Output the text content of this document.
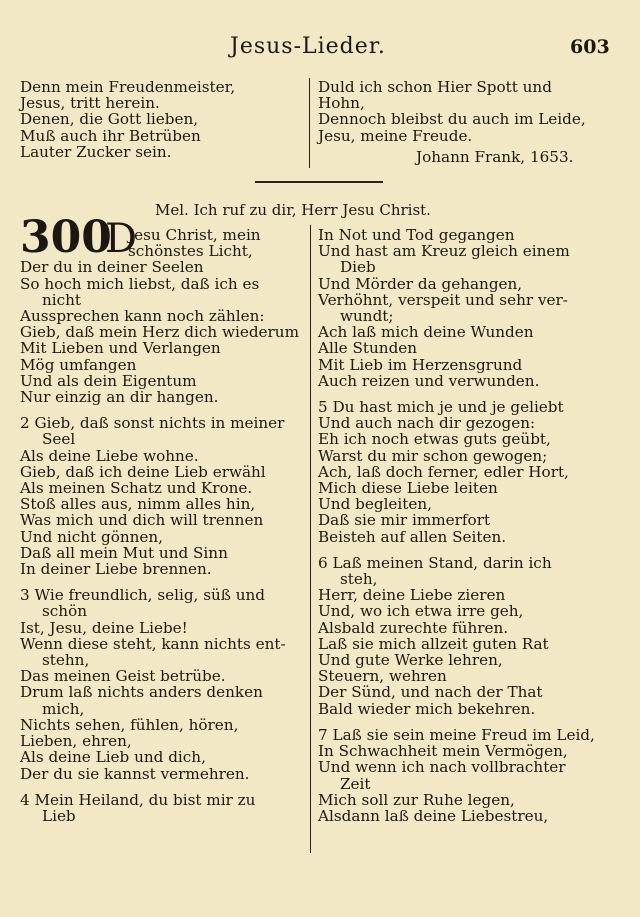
Jesus-Lieder.	603
Denn mein Freudenmeister,
Jesus, tritt herein.
Denen, die Gott lieben,
Muß auch ihr Betrüben
Lauter Zucker sein.
Duld ich schon Hier Spott und
Hohn,
Dennoch bleibst du auch im Leide,
Jesu, meine Freude.
Johann Frank, 1653.
Mel. Ich ruf zu dir, Herr Jesu Christ.
300
D
Jesu Christ, mein
schönstes Licht,
Der du in deiner Seelen
So hoch mich liebst, daß ich es
nicht
Aussprechen kann noch zählen:
Gieb, daß mein Herz dich wiederum
Mit Lieben und Verlangen
Mög umfangen
Und als dein Eigentum
Nur einzig an dir hangen.
2 Gieb, daß sonst nichts in meiner
Seel
Als deine Liebe wohne.
Gieb, daß ich deine Lieb erwähl
Als meinen Schatz und Krone.
Stoß alles aus, nimm alles hin,
Was mich und dich will trennen
Und nicht gönnen,
Daß all mein Mut und Sinn
In deiner Liebe brennen.
3 Wie freundlich, selig, süß und
schön
Ist, Jesu, deine Liebe!
Wenn diese steht, kann nichts ent-
stehn,
Das meinen Geist betrübe.
Drum laß nichts anders denken
mich,
Nichts sehen, fühlen, hören,
Lieben, ehren,
Als deine Lieb und dich,
Der du sie kannst vermehren.
4 Mein Heiland, du bist mir zu
Lieb
In Not und Tod gegangen
Und hast am Kreuz gleich einem
Dieb
Und Mörder da gehangen,
Verhöhnt, verspeit und sehr ver-
wundt;
Ach laß mich deine Wunden
Alle Stunden
Mit Lieb im Herzensgrund
Auch reizen und verwunden.
5 Du hast mich je und je geliebt
Und auch nach dir gezogen:
Eh ich noch etwas guts geübt,
Warst du mir schon gewogen;
Ach, laß doch ferner, edler Hort,
Mich diese Liebe leiten
Und begleiten,
Daß sie mir immerfort
Beisteh auf allen Seiten.
6 Laß meinen Stand, darin ich
steh,
Herr, deine Liebe zieren
Und, wo ich etwa irre geh,
Alsbald zurechte führen.
Laß sie mich allzeit guten Rat
Und gute Werke lehren,
Steuern, wehren
Der Sünd, und nach der That
Bald wieder mich bekehren.
7 Laß sie sein meine Freud im Leid,
In Schwachheit mein Vermögen,
Und wenn ich nach vollbrachter
Zeit
Mich soll zur Ruhe legen,
Alsdann laß deine Liebestreu,
